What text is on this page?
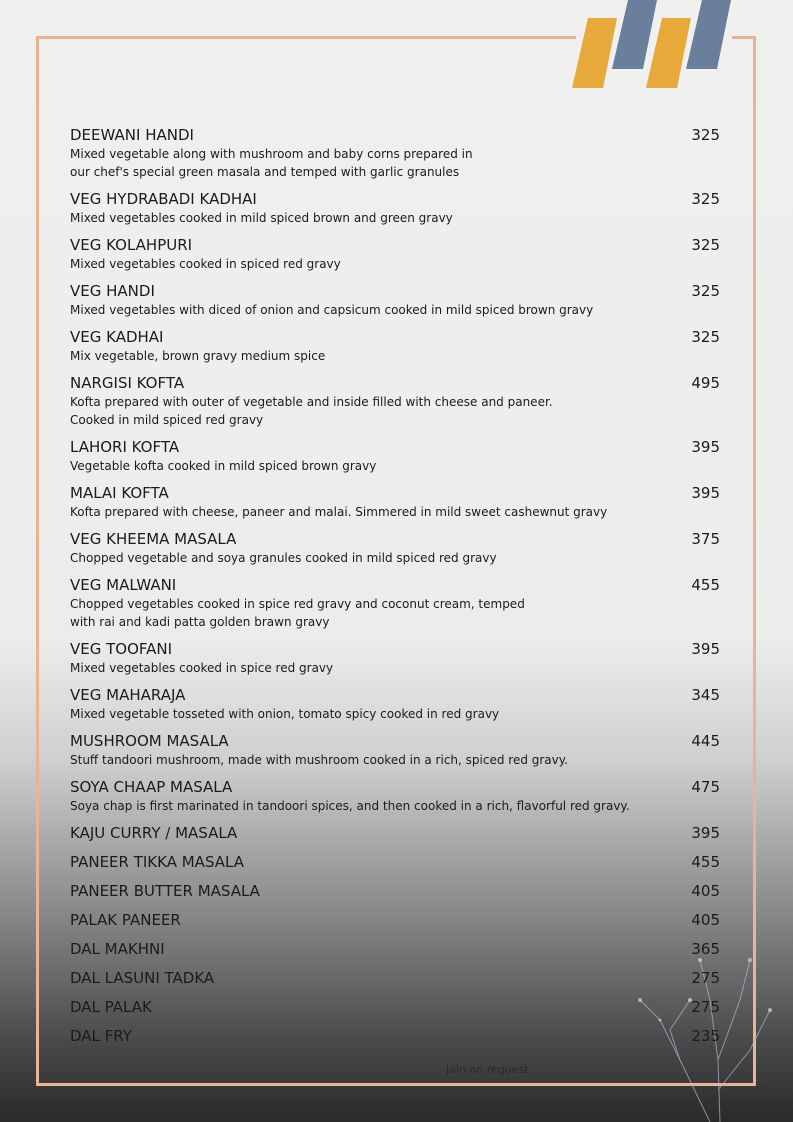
DEEWANI HANDI	325
Mixed vegetable along with mushroom and baby corns prepared in
our chef's special green masala and temped with garlic granules
VEG HYDRABADI KADHAI	325
Mixed vegetables cooked in mild spiced brown and green gravy
VEG KOLAHPURI	325
Mixed vegetables cooked in spiced red gravy
VEG HANDI	325
Mixed vegetables with diced of onion and capsicum cooked in mild spiced brown gravy
VEG KADHAI	325
Mix vegetable, brown gravy medium spice
NARGISI KOFTA	495
Kofta prepared with outer of vegetable and inside filled with cheese and paneer.
Cooked in mild spiced red gravy
LAHORI KOFTA	395
Vegetable kofta cooked in mild spiced brown gravy
MALAI KOFTA	395
Kofta prepared with cheese, paneer and malai. Simmered in mild sweet cashewnut gravy
VEG KHEEMA MASALA	375
Chopped vegetable and soya granules cooked in mild spiced red gravy
VEG MALWANI	455
Chopped vegetables cooked in spice red gravy and coconut cream, temped
with rai and kadi patta golden brawn gravy
VEG TOOFANI	395
Mixed vegetables cooked in spice red gravy
VEG MAHARAJA	345
Mixed vegetable tosseted with onion, tomato spicy cooked in red gravy
MUSHROOM MASALA	445
Stuff tandoori mushroom, made with mushroom cooked in a rich, spiced red gravy.
SOYA CHAAP MASALA	475
Soya chap is first marinated in tandoori spices, and then cooked in a rich, flavorful red gravy.
KAJU CURRY / MASALA	395
PANEER TIKKA MASALA	455
PANEER BUTTER MASALA	405
PALAK PANEER	405
DAL MAKHNI	365
DAL LASUNI TADKA	275
DAL PALAK	275
DAL FRY	235
Jain on request
